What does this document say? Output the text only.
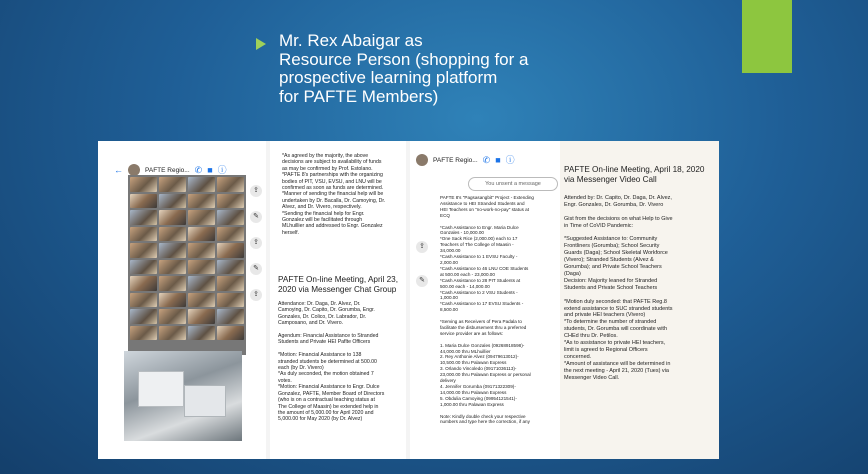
Mr. Rex Abaigar as
Resource Person (shopping for a
prospective learning platform
for PAFTE Members)
←	PAFTE Regio... ✆ ■ ⓘ
⇪
✎
⇪
✎
⇪
*As agreed by the majority, the above
decisions are subject to availability of funds
as may be confirmed by Prof. Estolano.
*PAFTE 8's partnerships with the organizing
bodies of PIT, VSU, EVSU, and LNU will be
confirmed as soon as funds are determined.
*Manner of sending the financial help will be
undertaken by Dr. Bacalla, Dr. Camoying, Dr.
Alvez, and Dr. Vivero, respectively.
*Sending the financial help for Engr.
Gonzalez will be facilitated through
MLhuillier and addressed to Engr. Gonzalez
herself.
PAFTE On-line Meeting, April 23, 2020 via Messenger Chat Group
Attendance: Dr. Daga, Dr. Alvez, Dr.
Camoying, Dr. Capito, Dr. Gorumba, Engr.
Gonzales, Dr. Colico, Dr. Labrador, Dr.
Camposano, and Dr. Vivero.

Agendum: Financial Assistance to Stranded
Students and Private HEI Paflte Officers

*Motion: Financial Assistance to 138
stranded students be determined at 500.00
each (by Dr. Vivero)
*As duly seconded, the motion obtained 7
votes.
*Motion: Financial Assistance to Engr. Dulce
Gonzalez, PAFTE, Member Board of Directors
(who is on a contractual teaching status at
The College of Maasin) be extended help in
the amount of 5,000.00 for April 2020 and
5,000.00 for May 2020 (by Dr. Alvez)
PAFTE Regio... ✆ ■ ⓘ
You unsent a message
⇪
✎
PAFTE 8's "Pagsasangbit" Project - Extending
Assistance to HEI Stranded Students and
HEI Teachers on "no-work-no-pay" status at
ECQ

*Cash Assistance to Engr. Maria Dulce
Gonzales - 10,000.00
*One Sack Rice (2,000.00) each to 17
Teachers of The College of Maasin -
34,000.00
*Cash Assistance to 1 EVSU Faculty -
2,000.00
*Cash Assistance to 46 LNU COE Students
at 500.00 each - 23,000.00
*Cash Assistance to 28 PIT Students at
500.00 each - 14,000.00
*Cash Assistance to 2 VSU Students -
1,000.00
*Cash Assistance to 17 EVSU Students -
8,500.00

*Serving as Receivers of Pera Padala to
facilitate the disbursement thru a preferred
service provider are as follows:

1. Maria Dulce Gonzales (09268918598)-
44,000.00 thru MLhuillier
2. Rey Anthonie Alvez (09479613012)-
10,500.00 thru Palawan Express
3. Orlando Vincoledo (09171036113)-
23,000.00 thru Palawan Express or personal
delivery
4. Jennifer Gorumba (09171322309)-
14,000.00 thru Palawan Express
5. Obdulia Camoying (09954121541)-
1,000.00 thru Palawan Express

Note: Kindly double check your respective
numbers and type here the correction, if any
PAFTE On-line Meeting, April 18, 2020 via Messenger Video Call
Attended by: Dr. Capito, Dr. Daga, Dr. Alvez,
Engr. Gonzales, Dr. Gorumba, Dr. Vivero

Gist from the decisions on what Help to Give
in Time of CoVID Pandemic:

*Suggested Assistance to: Community
Frontliners (Gorumba); School Security
Guards (Daga); School Skeletal Workforce
(Vivero); Stranded Students (Alvez &
Gorumba); and Private School Teachers
(Daga)
Decision: Majority leaned for Stranded
Students and Private School Teachers

*Motion duly seconded: that PAFTE Reg.8
extend assistance to SUC stranded students
and private HEI teachers (Vivero)
*To determine the number of stranded
students, Dr. Gorumba will coordinate with
CHEd thru Dr. Petilos.
*As to assistance to private HEI teachers,
limit is agreed to Regional Officers
concerned.
*Amount of assistance will be determined in
the next meeting - April 21, 2020 (Tues) via
Messenger Video Call.
